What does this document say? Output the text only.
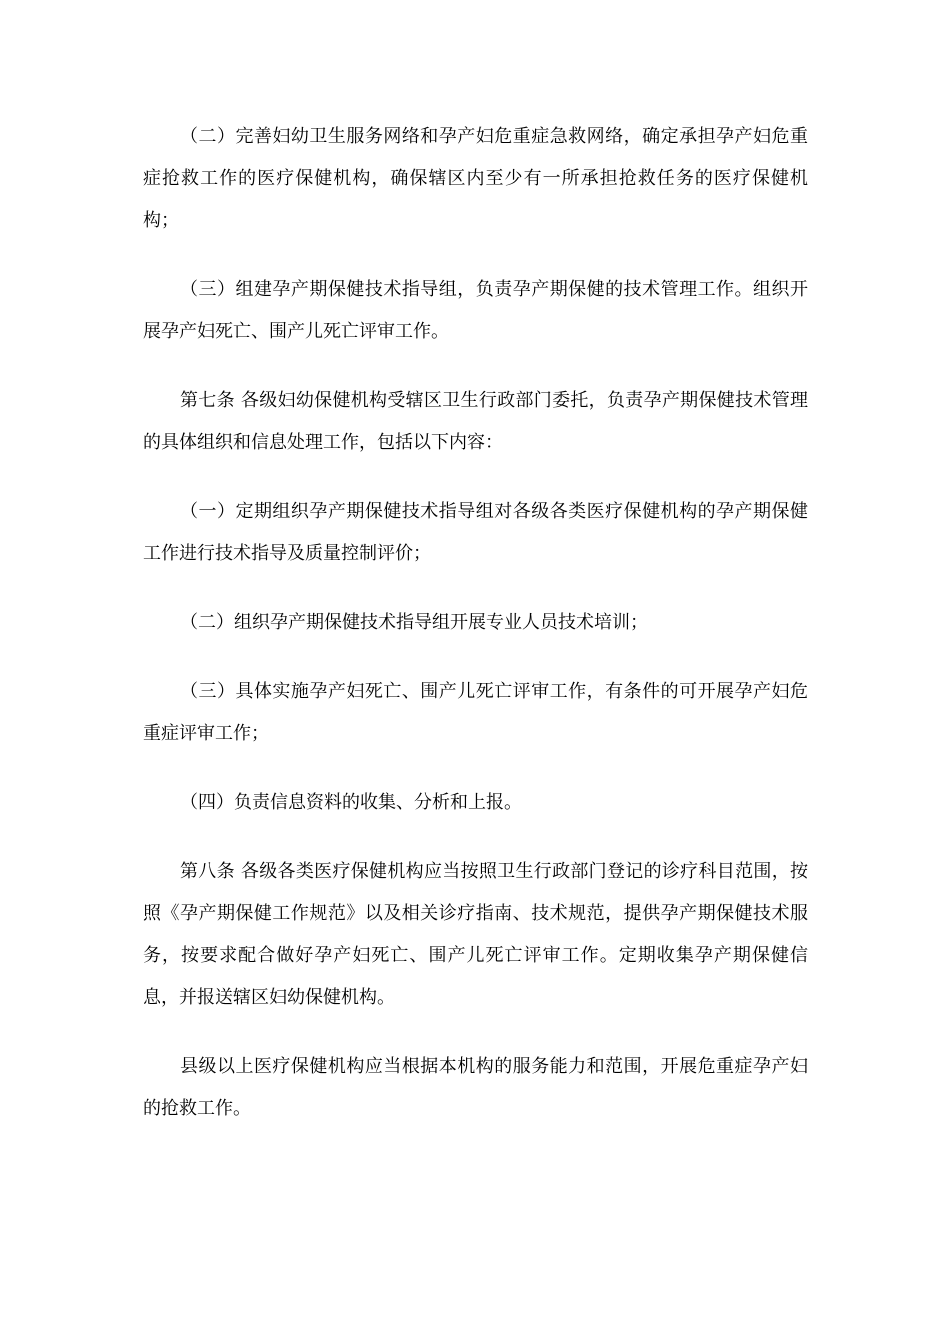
（二）完善妇幼卫生服务网络和孕产妇危重症急救网络，确定承担孕产妇危重症抢救工作的医疗保健机构，确保辖区内至少有一所承担抢救任务的医疗保健机构；

（三）组建孕产期保健技术指导组，负责孕产期保健的技术管理工作。组织开展孕产妇死亡、围产儿死亡评审工作。

第七条 各级妇幼保健机构受辖区卫生行政部门委托，负责孕产期保健技术管理的具体组织和信息处理工作，包括以下内容：

（一）定期组织孕产期保健技术指导组对各级各类医疗保健机构的孕产期保健工作进行技术指导及质量控制评价；

（二）组织孕产期保健技术指导组开展专业人员技术培训；

（三）具体实施孕产妇死亡、围产儿死亡评审工作，有条件的可开展孕产妇危重症评审工作；

（四）负责信息资料的收集、分析和上报。

第八条 各级各类医疗保健机构应当按照卫生行政部门登记的诊疗科目范围，按照《孕产期保健工作规范》以及相关诊疗指南、技术规范，提供孕产期保健技术服务，按要求配合做好孕产妇死亡、围产儿死亡评审工作。定期收集孕产期保健信息，并报送辖区妇幼保健机构。

县级以上医疗保健机构应当根据本机构的服务能力和范围，开展危重症孕产妇的抢救工作。
